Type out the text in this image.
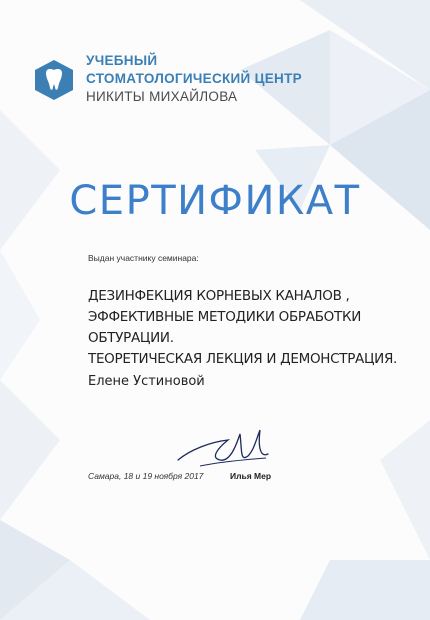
УЧЕБНЫЙ
СТОМАТОЛОГИЧЕСКИЙ ЦЕНТР
НИКИТЫ МИХАЙЛОВА
СЕРТИФИКАТ
Выдан участнику семинара:
ДЕЗИНФЕКЦИЯ КОРНЕВЫХ КАНАЛОВ ,
ЭФФЕКТИВНЫЕ МЕТОДИКИ ОБРАБОТКИ ОБТУРАЦИИ.
ТЕОРЕТИЧЕСКАЯ ЛЕКЦИЯ И ДЕМОНСТРАЦИЯ.
Елене Устиновой
Самара, 18 и 19 ноября 2017	Илья Мер
